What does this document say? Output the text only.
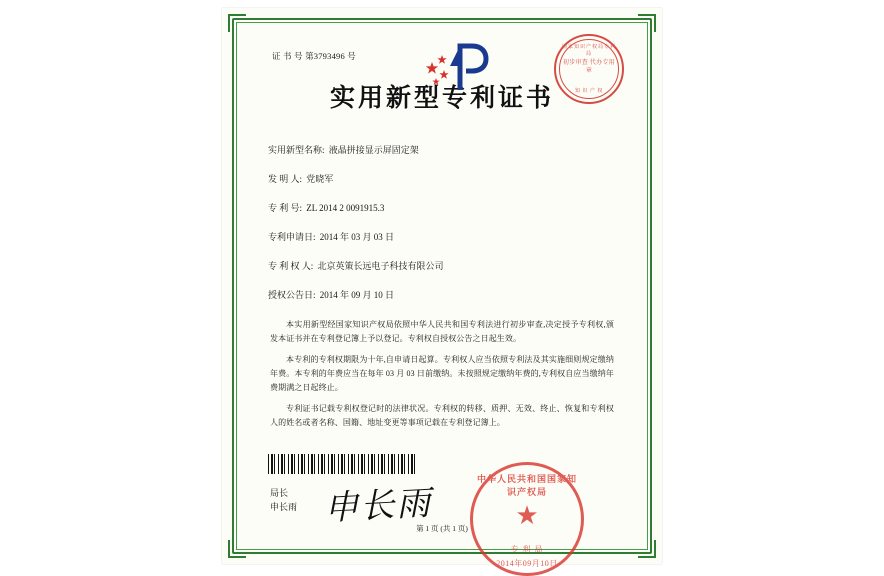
证 书 号 第3793496 号
国家知识产权局专利局
初步审查 代办专用章
知 识 产 权
实用新型专利证书
实用新型名称: 液晶拼接显示屏固定架
发 明 人: 党晓军
专 利 号: ZL 2014 2 0091915.3
专利申请日: 2014 年 03 月 03 日
专 利 权 人: 北京英策长远电子科技有限公司
授权公告日: 2014 年 09 月 10 日
本实用新型经国家知识产权局依照中华人民共和国专利法进行初步审查,决定授予专利权,颁发本证书并在专利登记簿上予以登记。专利权自授权公告之日起生效。
本专利的专利权期限为十年,自申请日起算。专利权人应当依照专利法及其实施细则规定缴纳年费。本专利的年费应当在每年 03 月 03 日前缴纳。未按照规定缴纳年费的,专利权自应当缴纳年费期满之日起终止。
专利证书记载专利权登记时的法律状况。专利权的转移、质押、无效、终止、恢复和专利权人的姓名或者名称、国籍、地址变更等事项记载在专利登记簿上。
局长
申长雨 申长雨
中华人民共和国国家知识产权局
★
专 利 局
2014年09月10日
第 1 页 (共 1 页)
